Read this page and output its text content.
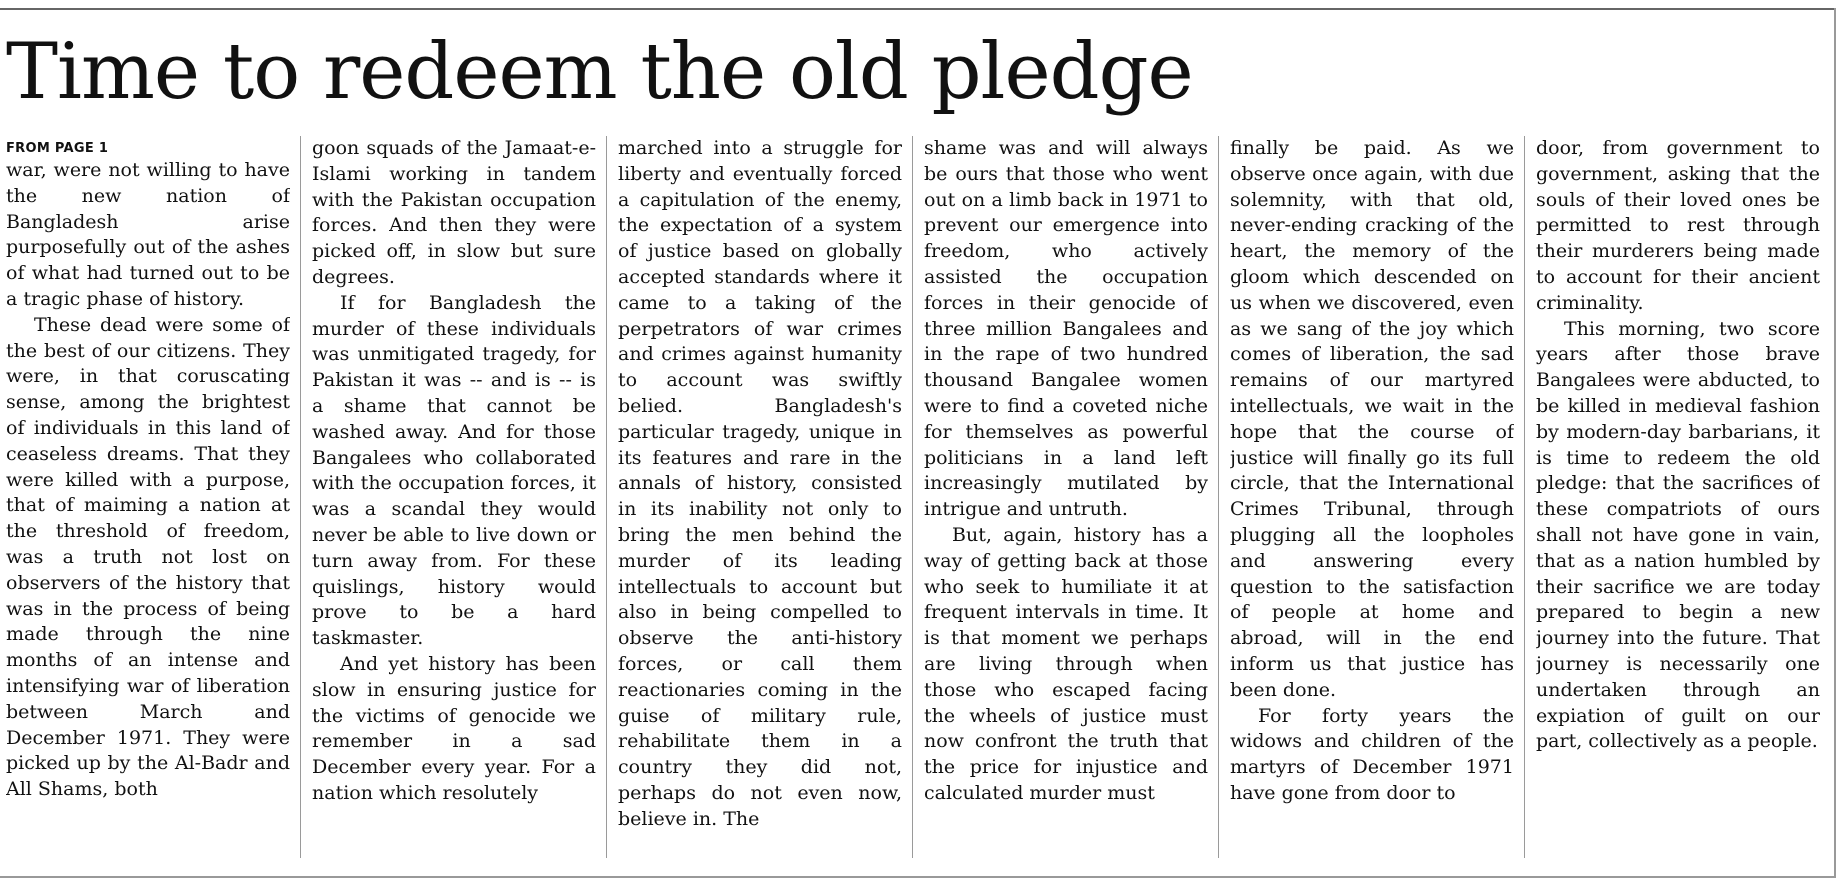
Time to redeem the old pledge
FROM PAGE 1

war, were not willing to have the new nation of Bangladesh arise purposefully out of the ashes of what had turned out to be a tragic phase of history.

These dead were some of the best of our citizens. They were, in that coruscating sense, among the brightest of individuals in this land of ceaseless dreams. That they were killed with a purpose, that of maiming a nation at the threshold of freedom, was a truth not lost on observers of the history that was in the process of being made through the nine months of an intense and intensifying war of liberation between March and December 1971. They were picked up by the Al-Badr and All Shams, both

goon squads of the Jamaat-e-Islami working in tandem with the Pakistan occupation forces. And then they were picked off, in slow but sure degrees.

If for Bangladesh the murder of these individuals was unmitigated tragedy, for Pakistan it was -- and is -- is a shame that cannot be washed away. And for those Bangalees who collaborated with the occupation forces, it was a scandal they would never be able to live down or turn away from. For these quislings, history would prove to be a hard taskmaster.

And yet history has been slow in ensuring justice for the victims of genocide we remember in a sad December every year. For a nation which resolutely

marched into a struggle for liberty and eventually forced a capitulation of the enemy, the expectation of a system of justice based on globally accepted standards where it came to a taking of the perpetrators of war crimes and crimes against humanity to account was swiftly belied. Bangladesh's particular tragedy, unique in its features and rare in the annals of history, consisted in its inability not only to bring the men behind the murder of its leading intellectuals to account but also in being compelled to observe the anti-history forces, or call them reactionaries coming in the guise of military rule, rehabilitate them in a country they did not, perhaps do not even now, believe in. The

shame was and will always be ours that those who went out on a limb back in 1971 to prevent our emergence into freedom, who actively assisted the occupation forces in their genocide of three million Bangalees and in the rape of two hundred thousand Bangalee women were to find a coveted niche for themselves as powerful politicians in a land left increasingly mutilated by intrigue and untruth.

But, again, history has a way of getting back at those who seek to humiliate it at frequent intervals in time. It is that moment we perhaps are living through when those who escaped facing the wheels of justice must now confront the truth that the price for injustice and calculated murder must

finally be paid. As we observe once again, with due solemnity, with that old, never-ending cracking of the heart, the memory of the gloom which descended on us when we discovered, even as we sang of the joy which comes of liberation, the sad remains of our martyred intellectuals, we wait in the hope that the course of justice will finally go its full circle, that the International Crimes Tribunal, through plugging all the loopholes and answering every question to the satisfaction of people at home and abroad, will in the end inform us that justice has been done.

For forty years the widows and children of the martyrs of December 1971 have gone from door to

door, from government to government, asking that the souls of their loved ones be permitted to rest through their murderers being made to account for their ancient criminality.

This morning, two score years after those brave Bangalees were abducted, to be killed in medieval fashion by modern-day barbarians, it is time to redeem the old pledge: that the sacrifices of these compatriots of ours shall not have gone in vain, that as a nation humbled by their sacrifice we are today prepared to begin a new journey into the future. That journey is necessarily one undertaken through an expiation of guilt on our part, collectively as a people.
